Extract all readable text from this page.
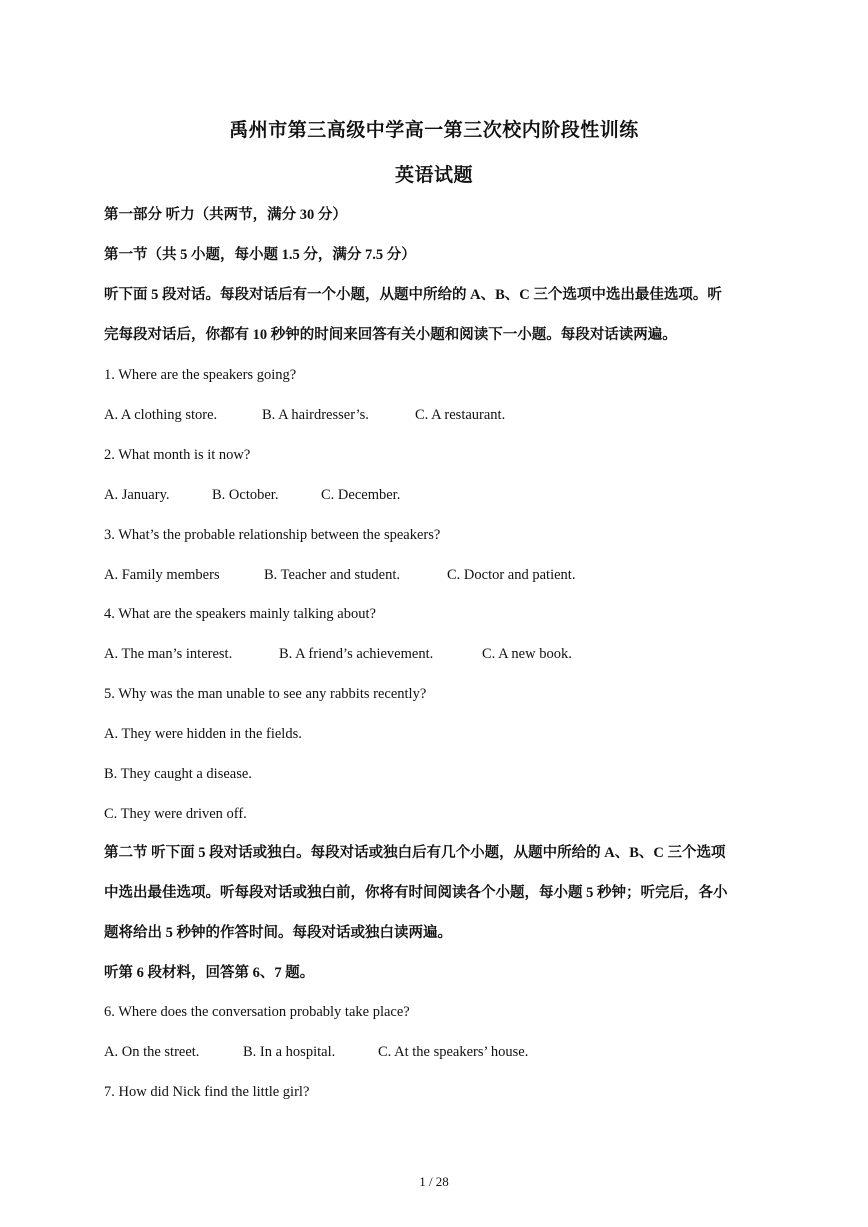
禹州市第三高级中学高一第三次校内阶段性训练
英语试题
第一部分 听力（共两节，满分 30 分）
第一节（共 5 小题，每小题 1.5 分，满分 7.5 分）
听下面 5 段对话。每段对话后有一个小题，从题中所给的 A、B、C 三个选项中选出最佳选项。听
完每段对话后，你都有 10 秒钟的时间来回答有关小题和阅读下一小题。每段对话读两遍。
1. Where are the speakers going?
A. A clothing store.	B. A hairdresser’s.	C. A restaurant.
2. What month is it now?
A. January.	B. October.	C. December.
3. What’s the probable relationship between the speakers?
A. Family members	B. Teacher and student.	C. Doctor and patient.
4. What are the speakers mainly talking about?
A. The man’s interest.	B. A friend’s achievement.	C. A new book.
5. Why was the man unable to see any rabbits recently?
A. They were hidden in the fields.
B. They caught a disease.
C. They were driven off.
第二节 听下面 5 段对话或独白。每段对话或独白后有几个小题，从题中所给的 A、B、C 三个选项
中选出最佳选项。听每段对话或独白前，你将有时间阅读各个小题，每小题 5 秒钟；听完后，各小
题将给出 5 秒钟的作答时间。每段对话或独白读两遍。
听第 6 段材料，回答第 6、7 题。
6. Where does the conversation probably take place?
A. On the street.	B. In a hospital.	C. At the speakers’ house.
7. How did Nick find the little girl?
1 / 28
